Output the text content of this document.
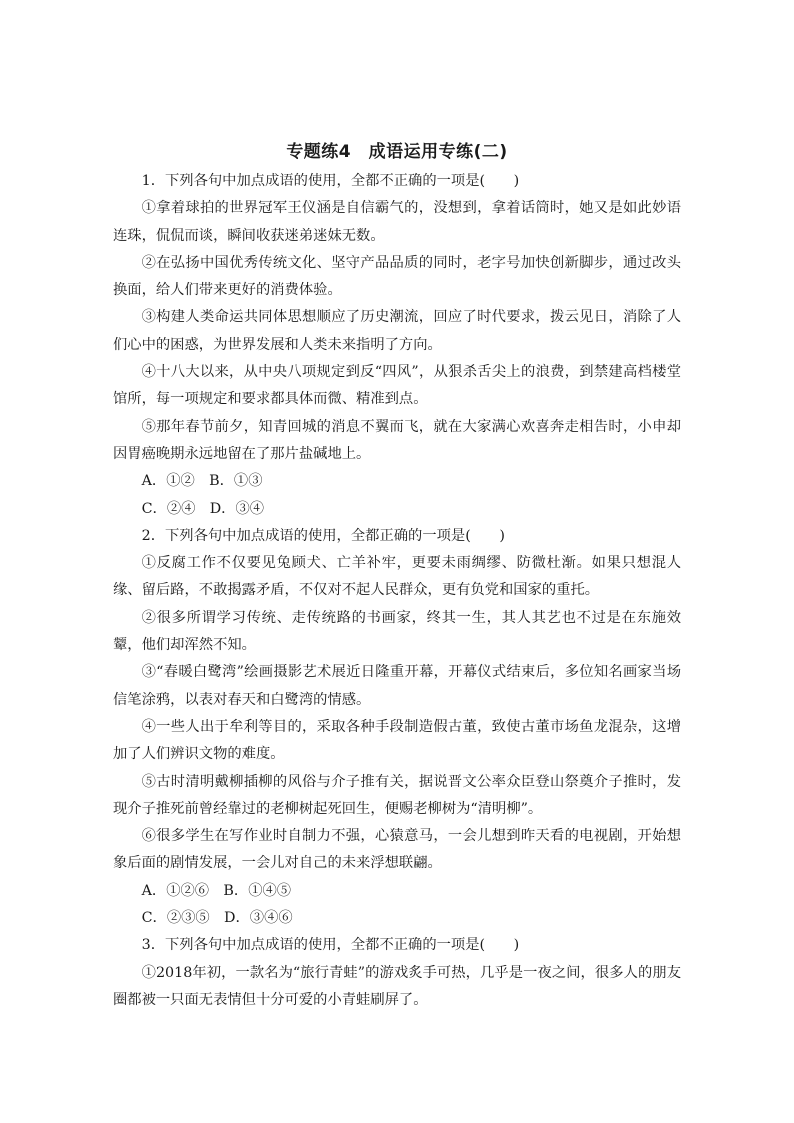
专题练4　成语运用专练(二)

1．下列各句中加点成语的使用，全都不正确的一项是(　　)

①拿着球拍的世界冠军王仪涵是自信霸气的，没想到，拿着话筒时，她又是如此妙语连珠，侃侃而谈，瞬间收获迷弟迷妹无数。

②在弘扬中国优秀传统文化、坚守产品品质的同时，老字号加快创新脚步，通过改头换面，给人们带来更好的消费体验。

③构建人类命运共同体思想顺应了历史潮流，回应了时代要求，拨云见日，消除了人们心中的困惑，为世界发展和人类未来指明了方向。

④十八大以来，从中央八项规定到反“四风”，从狠杀舌尖上的浪费，到禁建高档楼堂馆所，每一项规定和要求都具体而微、精准到点。

⑤那年春节前夕，知青回城的消息不翼而飞，就在大家满心欢喜奔走相告时，小申却因胃癌晚期永远地留在了那片盐碱地上。

A．①②　B．①③

C．②④　D．③④

2．下列各句中加点成语的使用，全都正确的一项是(　　)

①反腐工作不仅要见兔顾犬、亡羊补牢，更要未雨绸缪、防微杜渐。如果只想混人缘、留后路，不敢揭露矛盾，不仅对不起人民群众，更有负党和国家的重托。

②很多所谓学习传统、走传统路的书画家，终其一生，其人其艺也不过是在东施效颦，他们却浑然不知。

③“春暖白鹭湾”绘画摄影艺术展近日隆重开幕，开幕仪式结束后，多位知名画家当场信笔涂鸦，以表对春天和白鹭湾的情感。

④一些人出于牟利等目的，采取各种手段制造假古董，致使古董市场鱼龙混杂，这增加了人们辨识文物的难度。

⑤古时清明戴柳插柳的风俗与介子推有关，据说晋文公率众臣登山祭奠介子推时，发现介子推死前曾经靠过的老柳树起死回生，便赐老柳树为“清明柳”。

⑥很多学生在写作业时自制力不强，心猿意马，一会儿想到昨天看的电视剧，开始想象后面的剧情发展，一会儿对自己的未来浮想联翩。

A．①②⑥　B．①④⑤

C．②③⑤　D．③④⑥

3．下列各句中加点成语的使用，全都不正确的一项是(　　)

①2018年初，一款名为“旅行青蛙”的游戏炙手可热，几乎是一夜之间，很多人的朋友圈都被一只面无表情但十分可爱的小青蛙刷屏了。
